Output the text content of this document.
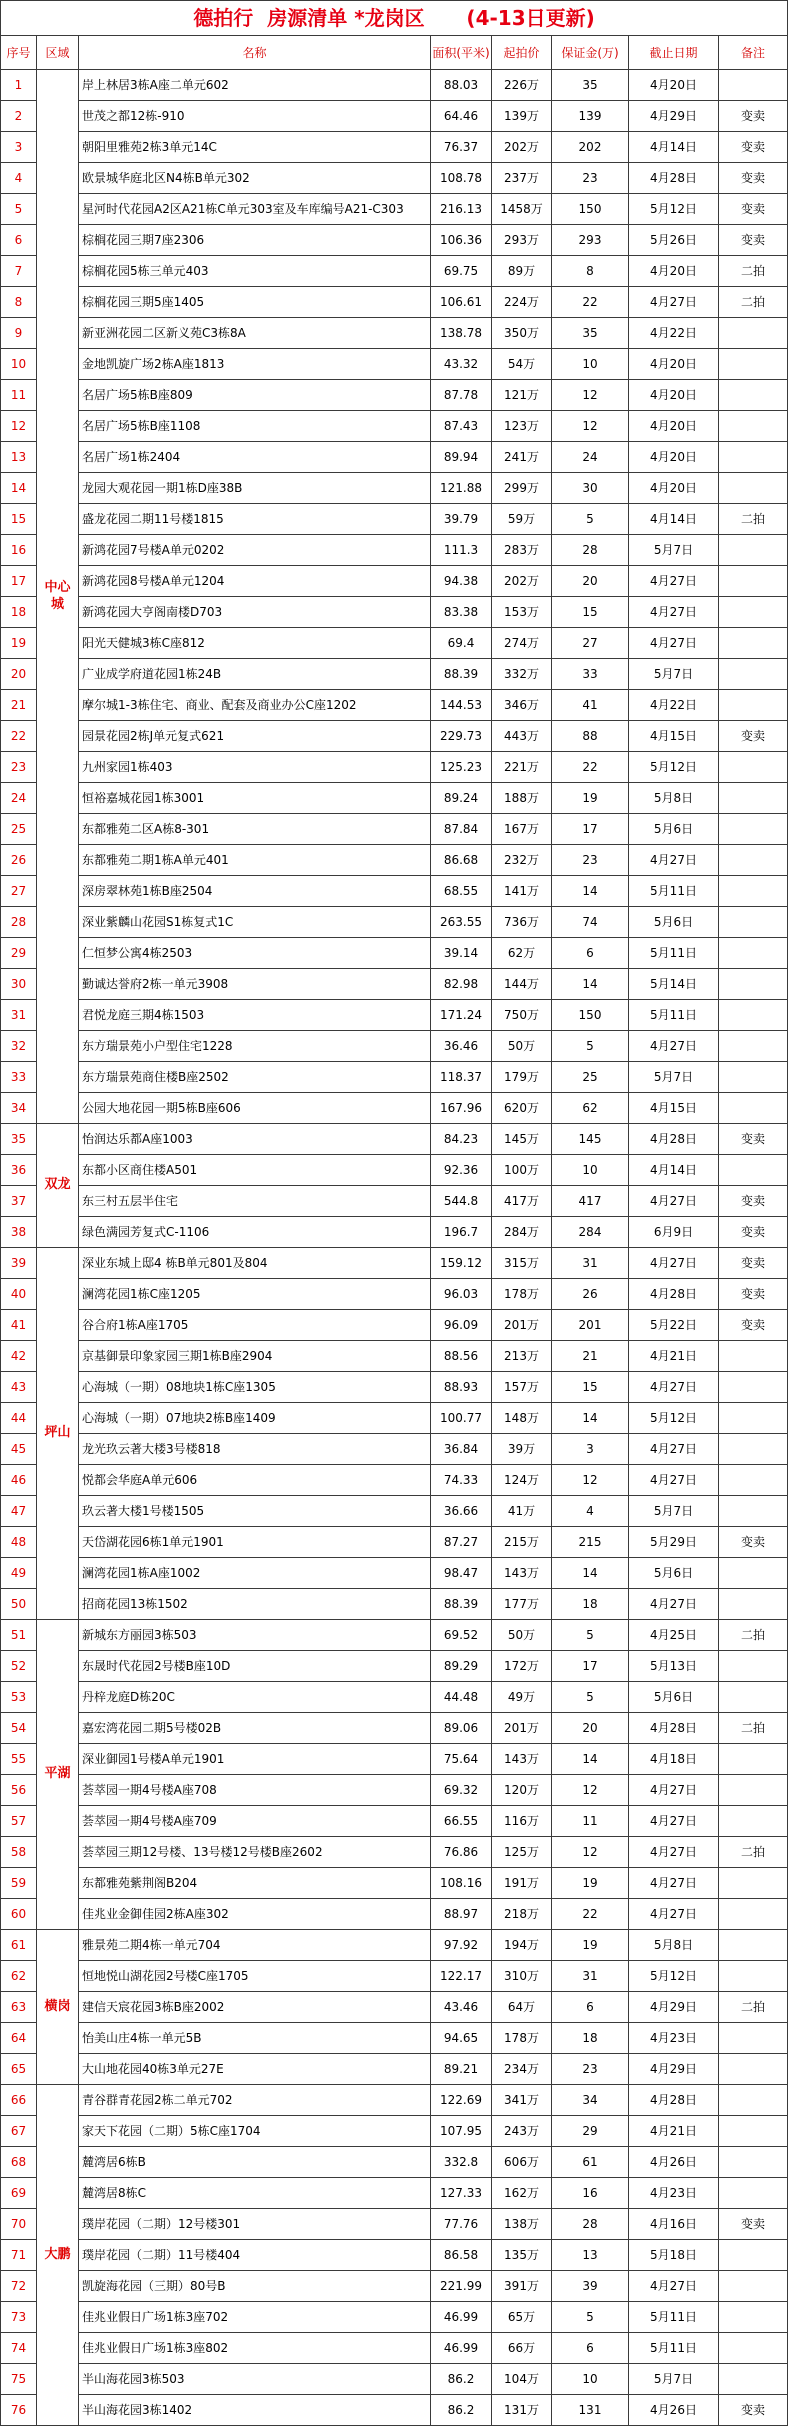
德拍行  房源清单 *龙岗区      (4-13日更新)							
序号	区域	名称	面积(平米)	起拍价	保证金(万)	截止日期	备注
1	中心城	岸上林居3栋A座二单元602	88.03	226万	35	4月20日	
2		世茂之都12栋-910	64.46	139万	139	4月29日	变卖
3		朝阳里雅苑2栋3单元14C	76.37	202万	202	4月14日	变卖
4		欧景城华庭北区N4栋B单元302	108.78	237万	23	4月28日	变卖
5		星河时代花园A2区A21栋C单元303室及车库编号A21-C303	216.13	1458万	150	5月12日	变卖
6		棕榈花园三期7座2306	106.36	293万	293	5月26日	变卖
7		棕榈花园5栋三单元403	69.75	89万	8	4月20日	二拍
8		棕榈花园三期5座1405	106.61	224万	22	4月27日	二拍
9		新亚洲花园二区新义苑C3栋8A	138.78	350万	35	4月22日	
10		金地凯旋广场2栋A座1813	43.32	54万	10	4月20日	
11		名居广场5栋B座809	87.78	121万	12	4月20日	
12		名居广场5栋B座1108	87.43	123万	12	4月20日	
13		名居广场1栋2404	89.94	241万	24	4月20日	
14		龙园大观花园一期1栋D座38B	121.88	299万	30	4月20日	
15		盛龙花园二期11号楼1815	39.79	59万	5	4月14日	二拍
16		新鸿花园7号楼A单元0202	111.3	283万	28	5月7日	
17		新鸿花园8号楼A单元1204	94.38	202万	20	4月27日	
18		新鸿花园大亨阁南楼D703	83.38	153万	15	4月27日	
19		阳光天健城3栋C座812	69.4	274万	27	4月27日	
20		广业成学府道花园1栋24B	88.39	332万	33	5月7日	
21		摩尔城1-3栋住宅、商业、配套及商业办公C座1202	144.53	346万	41	4月22日	
22		园景花园2栋J单元复式621	229.73	443万	88	4月15日	变卖
23		九州家园1栋403	125.23	221万	22	5月12日	
24		恒裕嘉城花园1栋3001	89.24	188万	19	5月8日	
25		东都雅苑二区A栋8-301	87.84	167万	17	5月6日	
26		东都雅苑二期1栋A单元401	86.68	232万	23	4月27日	
27		深房翠林苑1栋B座2504	68.55	141万	14	5月11日	
28		深业紫麟山花园S1栋复式1C	263.55	736万	74	5月6日	
29		仁恒梦公寓4栋2503	39.14	62万	6	5月11日	
30		勤诚达誉府2栋一单元3908	82.98	144万	14	5月14日	
31		君悦龙庭三期4栋1503	171.24	750万	150	5月11日	
32		东方瑞景苑小户型住宅1228	36.46	50万	5	4月27日	
33		东方瑞景苑商住楼B座2502	118.37	179万	25	5月7日	
34		公园大地花园一期5栋B座606	167.96	620万	62	4月15日	
35	双龙	怡润达乐都A座1003	84.23	145万	145	4月28日	变卖
36		东都小区商住楼A501	92.36	100万	10	4月14日	
37		东三村五层半住宅	544.8	417万	417	4月27日	变卖
38		绿色满园芳复式C-1106	196.7	284万	284	6月9日	变卖
39	坪山	深业东城上邸4 栋B单元801及804	159.12	315万	31	4月27日	变卖
40		澜湾花园1栋C座1205	96.03	178万	26	4月28日	变卖
41		谷合府1栋A座1705	96.09	201万	201	5月22日	变卖
42		京基御景印象家园三期1栋B座2904	88.56	213万	21	4月21日	
43		心海城（一期）08地块1栋C座1305	88.93	157万	15	4月27日	
44		心海城（一期）07地块2栋B座1409	100.77	148万	14	5月12日	
45		龙光玖云著大楼3号楼818	36.84	39万	3	4月27日	
46		悦都会华庭A单元606	74.33	124万	12	4月27日	
47		玖云著大楼1号楼1505	36.66	41万	4	5月7日	
48		天岱湖花园6栋1单元1901	87.27	215万	215	5月29日	变卖
49		澜湾花园1栋A座1002	98.47	143万	14	5月6日	
50		招商花园13栋1502	88.39	177万	18	4月27日	
51	平湖	新城东方丽园3栋503	69.52	50万	5	4月25日	二拍
52		东晟时代花园2号楼B座10D	89.29	172万	17	5月13日	
53		丹梓龙庭D栋20C	44.48	49万	5	5月6日	
54		嘉宏湾花园二期5号楼02B	89.06	201万	20	4月28日	二拍
55		深业御园1号楼A单元1901	75.64	143万	14	4月18日	
56		荟萃园一期4号楼A座708	69.32	120万	12	4月27日	
57		荟萃园一期4号楼A座709	66.55	116万	11	4月27日	
58		荟萃园三期12号楼、13号楼12号楼B座2602	76.86	125万	12	4月27日	二拍
59		东都雅苑紫荆阁B204	108.16	191万	19	4月27日	
60		佳兆业金御佳园2栋A座302	88.97	218万	22	4月27日	
61	横岗	雅景苑二期4栋一单元704	97.92	194万	19	5月8日	
62		恒地悦山湖花园2号楼C座1705	122.17	310万	31	5月12日	
63		建信天宸花园3栋B座2002	43.46	64万	6	4月29日	二拍
64		怡美山庄4栋一单元5B	94.65	178万	18	4月23日	
65		大山地花园40栋3单元27E	89.21	234万	23	4月29日	
66	大鹏	青谷群青花园2栋二单元702	122.69	341万	34	4月28日	
67		家天下花园（二期）5栋C座1704	107.95	243万	29	4月21日	
68		麓湾居6栋B	332.8	606万	61	4月26日	
69		麓湾居8栋C	127.33	162万	16	4月23日	
70		璞岸花园（二期）12号楼301	77.76	138万	28	4月16日	变卖
71		璞岸花园（二期）11号楼404	86.58	135万	13	5月18日	
72		凯旋海花园（三期）80号B	221.99	391万	39	4月27日	
73		佳兆业假日广场1栋3座702	46.99	65万	5	5月11日	
74		佳兆业假日广场1栋3座802	46.99	66万	6	5月11日	
75		半山海花园3栋503	86.2	104万	10	5月7日	
76		半山海花园3栋1402	86.2	131万	131	4月26日	变卖
